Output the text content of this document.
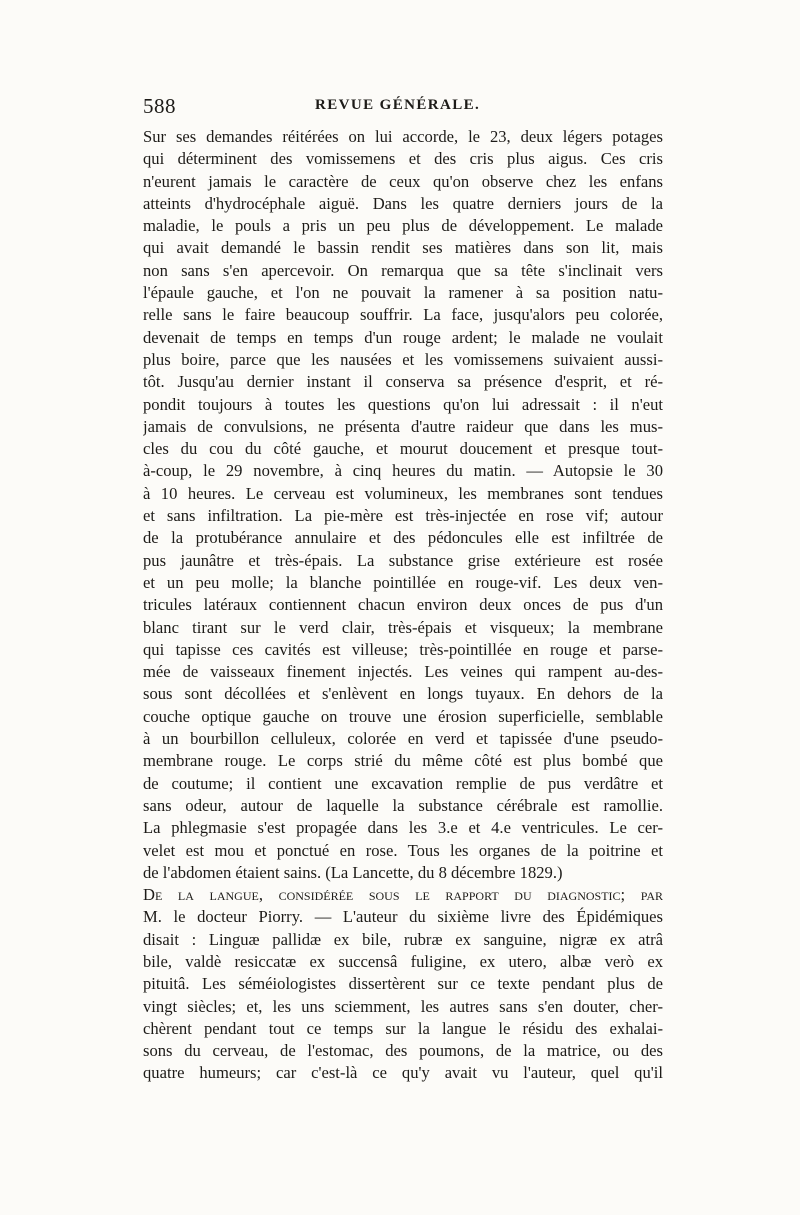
588	REVUE GÉNÉRALE.
Sur ses demandes réitérées on lui accorde, le 23, deux légers potages
qui déterminent des vomissemens et des cris plus aigus. Ces cris
n'eurent jamais le caractère de ceux qu'on observe chez les enfans
atteints d'hydrocéphale aiguë. Dans les quatre derniers jours de la
maladie, le pouls a pris un peu plus de développement. Le malade
qui avait demandé le bassin rendit ses matières dans son lit, mais
non sans s'en apercevoir. On remarqua que sa tête s'inclinait vers
l'épaule gauche, et l'on ne pouvait la ramener à sa position natu-
relle sans le faire beaucoup souffrir. La face, jusqu'alors peu colorée,
devenait de temps en temps d'un rouge ardent; le malade ne voulait
plus boire, parce que les nausées et les vomissemens suivaient aussi-
tôt. Jusqu'au dernier instant il conserva sa présence d'esprit, et ré-
pondit toujours à toutes les questions qu'on lui adressait : il n'eut
jamais de convulsions, ne présenta d'autre raideur que dans les mus-
cles du cou du côté gauche, et mourut doucement et presque tout-
à-coup, le 29 novembre, à cinq heures du matin. — Autopsie le 30
à 10 heures. Le cerveau est volumineux, les membranes sont tendues
et sans infiltration. La pie-mère est très-injectée en rose vif; autour
de la protubérance annulaire et des pédoncules elle est infiltrée de
pus jaunâtre et très-épais. La substance grise extérieure est rosée
et un peu molle; la blanche pointillée en rouge-vif. Les deux ven-
tricules latéraux contiennent chacun environ deux onces de pus d'un
blanc tirant sur le verd clair, très-épais et visqueux; la membrane
qui tapisse ces cavités est villeuse; très-pointillée en rouge et parse-
mée de vaisseaux finement injectés. Les veines qui rampent au-des-
sous sont décollées et s'enlèvent en longs tuyaux. En dehors de la
couche optique gauche on trouve une érosion superficielle, semblable
à un bourbillon celluleux, colorée en verd et tapissée d'une pseudo-
membrane rouge. Le corps strié du même côté est plus bombé que
de coutume; il contient une excavation remplie de pus verdâtre et
sans odeur, autour de laquelle la substance cérébrale est ramollie.
La phlegmasie s'est propagée dans les 3.e et 4.e ventricules. Le cer-
velet est mou et ponctué en rose. Tous les organes de la poitrine et
de l'abdomen étaient sains. (La Lancette, du 8 décembre 1829.)
De la langue, considérée sous le rapport du diagnostic; par
M. le docteur Piorry. — L'auteur du sixième livre des Épidémiques
disait : Linguæ pallidæ ex bile, rubræ ex sanguine, nigræ ex atrâ
bile, valdè resiccatæ ex succensâ fuligine, ex utero, albæ verò ex
pituitâ. Les séméiologistes dissertèrent sur ce texte pendant plus de
vingt siècles; et, les uns sciemment, les autres sans s'en douter, cher-
chèrent pendant tout ce temps sur la langue le résidu des exhalai-
sons du cerveau, de l'estomac, des poumons, de la matrice, ou des
quatre humeurs; car c'est-là ce qu'y avait vu l'auteur, quel qu'il
